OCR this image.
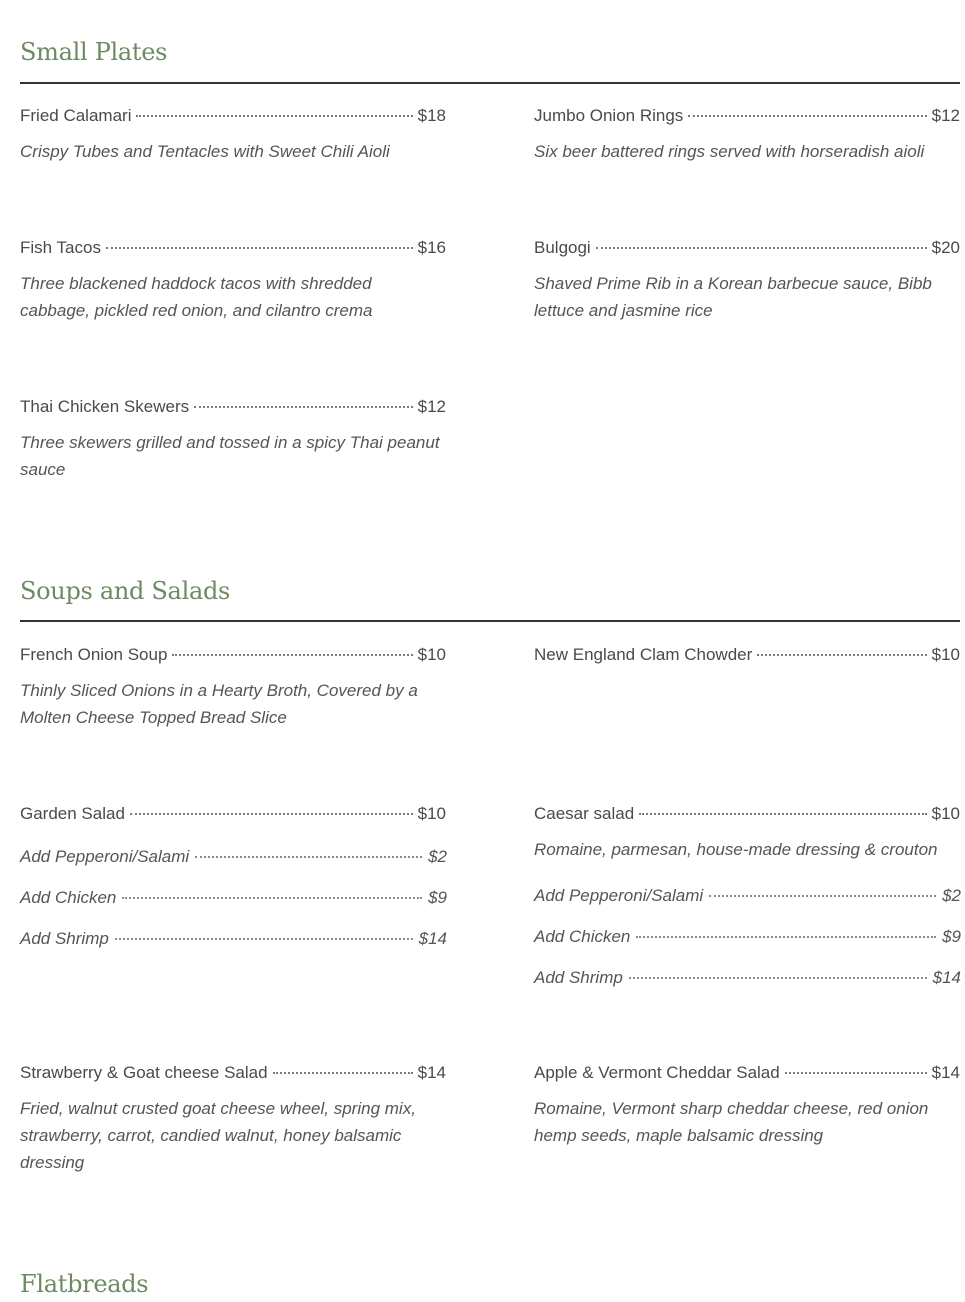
Small Plates
Fried Calamari	$18
Crispy Tubes and Tentacles with Sweet Chili Aioli
Jumbo Onion Rings	$12
Six beer battered rings served with horseradish aioli
Fish Tacos	$16
Three blackened haddock tacos with shredded cabbage, pickled red onion, and cilantro crema
Bulgogi	$20
Shaved Prime Rib in a Korean barbecue sauce, Bibb lettuce and jasmine rice
Thai Chicken Skewers	$12
Three skewers grilled and tossed in a spicy Thai peanut sauce
Soups and Salads
French Onion Soup	$10
Thinly Sliced Onions in a Hearty Broth, Covered by a Molten Cheese Topped Bread Slice
New England Clam Chowder	$10
Garden Salad	$10
Add Pepperoni/Salami	$2
Add Chicken	$9
Add Shrimp	$14
Caesar salad	$10
Romaine, parmesan, house-made dressing & crouton
Add Pepperoni/Salami	$2
Add Chicken	$9
Add Shrimp	$14
Strawberry & Goat cheese Salad	$14
Fried, walnut crusted goat cheese wheel, spring mix, strawberry, carrot, candied walnut, honey balsamic dressing
Apple & Vermont Cheddar Salad	$14
Romaine, Vermont sharp cheddar cheese, red onion hemp seeds, maple balsamic dressing
Flatbreads
